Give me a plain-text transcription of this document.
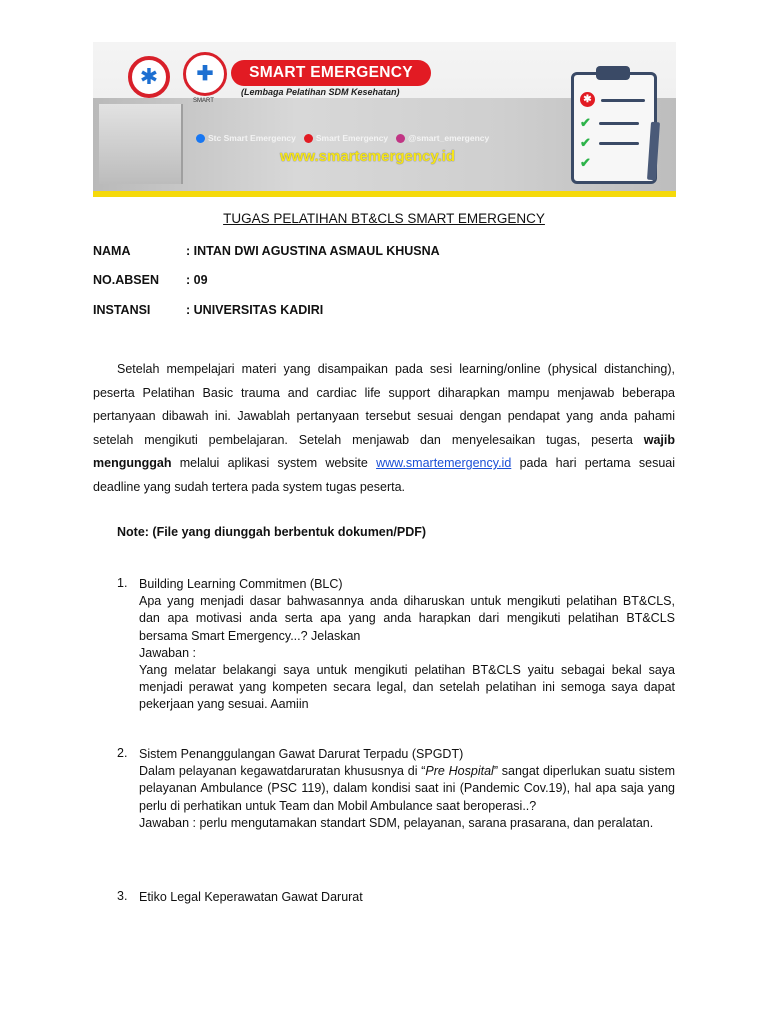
✱ ✚
SMART
SMART EMERGENCY
(Lembaga Pelatihan SDM Kesehatan)
Stc Smart Emergency Smart Emergency @smart_emergency
www.smartemergency.id
✱
✔
✔
✔
TUGAS PELATIHAN BT&CLS SMART EMERGENCY
NAMA	: INTAN DWI AGUSTINA ASMAUL KHUSNA
NO.ABSEN : 09
INSTANSI	: UNIVERSITAS KADIRI

Setelah mempelajari materi yang disampaikan pada sesi learning/online (physical distanching), peserta Pelatihan Basic trauma and cardiac life support diharapkan mampu menjawab beberapa pertanyaan dibawah ini. Jawablah pertanyaan tersebut sesuai dengan pendapat yang anda pahami setelah mengikuti pembelajaran. Setelah menjawab dan menyelesaikan tugas, peserta wajib mengunggah melalui aplikasi system website www.smartemergency.id pada hari pertama sesuai deadline yang sudah tertera pada system tugas peserta.

Note: (File yang diunggah berbentuk dokumen/PDF)
1. Building Learning Commitmen (BLC)

Apa yang menjadi dasar bahwasannya anda diharuskan untuk mengikuti pelatihan BT&CLS, dan apa motivasi anda serta apa yang anda harapkan dari mengikuti pelatihan BT&CLS bersama Smart Emergency...? Jelaskan

Jawaban :

Yang melatar belakangi saya untuk mengikuti pelatihan BT&CLS yaitu sebagai bekal saya menjadi perawat yang kompeten secara legal, dan setelah pelatihan ini semoga saya dapat pekerjaan yang sesuai. Aamiin

2. Sistem Penanggulangan Gawat Darurat Terpadu (SPGDT)

Dalam pelayanan kegawatdaruratan khususnya di “Pre Hospital” sangat diperlukan suatu sistem pelayanan Ambulance (PSC 119), dalam kondisi saat ini (Pandemic Cov.19), hal apa saja yang perlu di perhatikan untuk Team dan Mobil Ambulance saat beroperasi..?

Jawaban : perlu mengutamakan standart SDM, pelayanan, sarana prasarana, dan peralatan.

3. Etiko Legal Keperawatan Gawat Darurat
